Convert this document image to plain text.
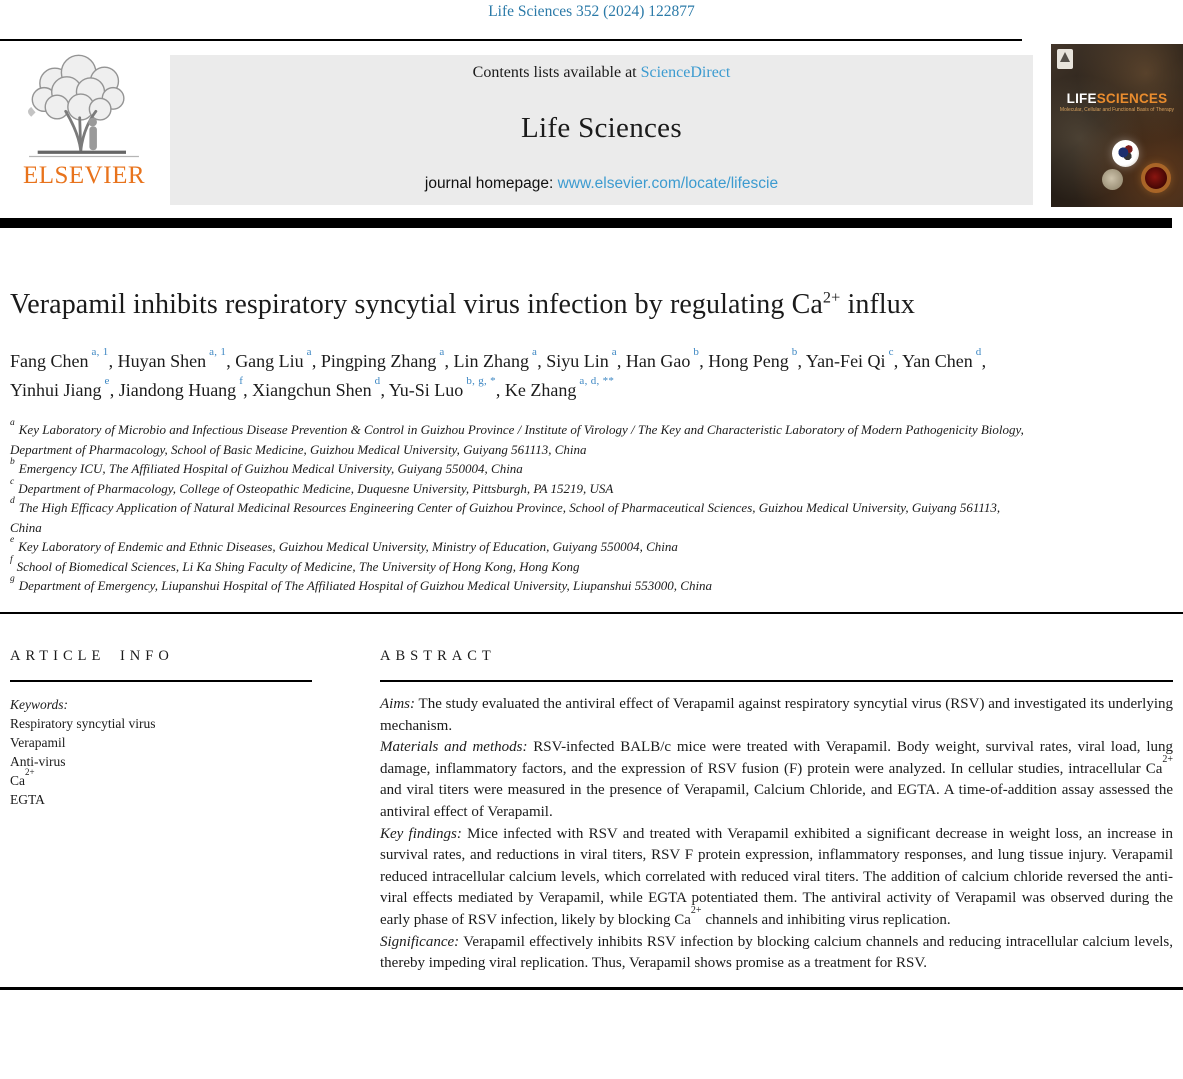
Life Sciences 352 (2024) 122877
ELSEVIER
Contents lists available at ScienceDirect
Life Sciences
journal homepage: www.elsevier.com/locate/lifescie
LIFESCIENCES
Molecular, Cellular and Functional Basis of Therapy
Verapamil inhibits respiratory syncytial virus infection by regulating $Ca^{2+}$ influx
Fang Chen $^{a, 1}$, Huyan Shen $^{a, 1}$, Gang Liu $^a$, Pingping Zhang $^a$, Lin Zhang $^a$, Siyu Lin $^a$, Han Gao $^b$, Hong Peng $^b$, Yan-Fei Qi $^c$, Yan Chen $^d$, Yinhui Jiang $^e$, Jiandong Huang $^f$, Xiangchun Shen $^d$, Yu-Si Luo $^{b, g, *}$, Ke Zhang $^{a, d, **}$
$^a$ Key Laboratory of Microbio and Infectious Disease Prevention & Control in Guizhou Province / Institute of Virology / The Key and Characteristic Laboratory of Modern Pathogenicity Biology, Department of Pharmacology, School of Basic Medicine, Guizhou Medical University, Guiyang 561113, China
$^b$ Emergency ICU, The Affiliated Hospital of Guizhou Medical University, Guiyang 550004, China
$^c$ Department of Pharmacology, College of Osteopathic Medicine, Duquesne University, Pittsburgh, PA 15219, USA
$^d$ The High Efficacy Application of Natural Medicinal Resources Engineering Center of Guizhou Province, School of Pharmaceutical Sciences, Guizhou Medical University, Guiyang 561113, China
$^e$ Key Laboratory of Endemic and Ethnic Diseases, Guizhou Medical University, Ministry of Education, Guiyang 550004, China
$^f$ School of Biomedical Sciences, Li Ka Shing Faculty of Medicine, The University of Hong Kong, Hong Kong
$^g$ Department of Emergency, Liupanshui Hospital of The Affiliated Hospital of Guizhou Medical University, Liupanshui 553000, China
ARTICLE INFO
Keywords:
Respiratory syncytial virus
Verapamil
Anti-virus
$Ca^{2+}$
EGTA
ABSTRACT

Aims: The study evaluated the antiviral effect of Verapamil against respiratory syncytial virus (RSV) and investigated its underlying mechanism.

Materials and methods: RSV-infected BALB/c mice were treated with Verapamil. Body weight, survival rates, viral load, lung damage, inflammatory factors, and the expression of RSV fusion (F) protein were analyzed. In cellular studies, intracellular $Ca^{2+}$ and viral titers were measured in the presence of Verapamil, Calcium Chloride, and EGTA. A time-of-addition assay assessed the antiviral effect of Verapamil.

Key findings: Mice infected with RSV and treated with Verapamil exhibited a significant decrease in weight loss, an increase in survival rates, and reductions in viral titers, RSV F protein expression, inflammatory responses, and lung tissue injury. Verapamil reduced intracellular calcium levels, which correlated with reduced viral titers. The addition of calcium chloride reversed the anti-viral effects mediated by Verapamil, while EGTA potentiated them. The antiviral activity of Verapamil was observed during the early phase of RSV infection, likely by blocking $Ca^{2+}$ channels and inhibiting virus replication.

Significance: Verapamil effectively inhibits RSV infection by blocking calcium channels and reducing intracellular calcium levels, thereby impeding viral replication. Thus, Verapamil shows promise as a treatment for RSV.
